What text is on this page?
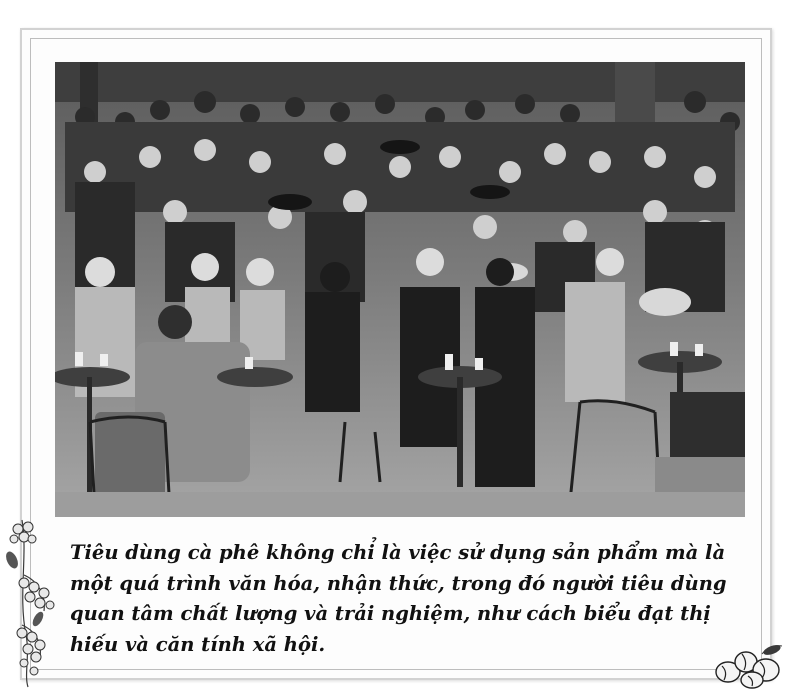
Tiêu dùng cà phê không chỉ là việc sử dụng sản phẩm mà là một quá trình văn hóa, nhận thức, trong đó người tiêu dùng quan tâm chất lượng và trải nghiệm, như cách biểu đạt thị hiếu và căn tính xã hội.
